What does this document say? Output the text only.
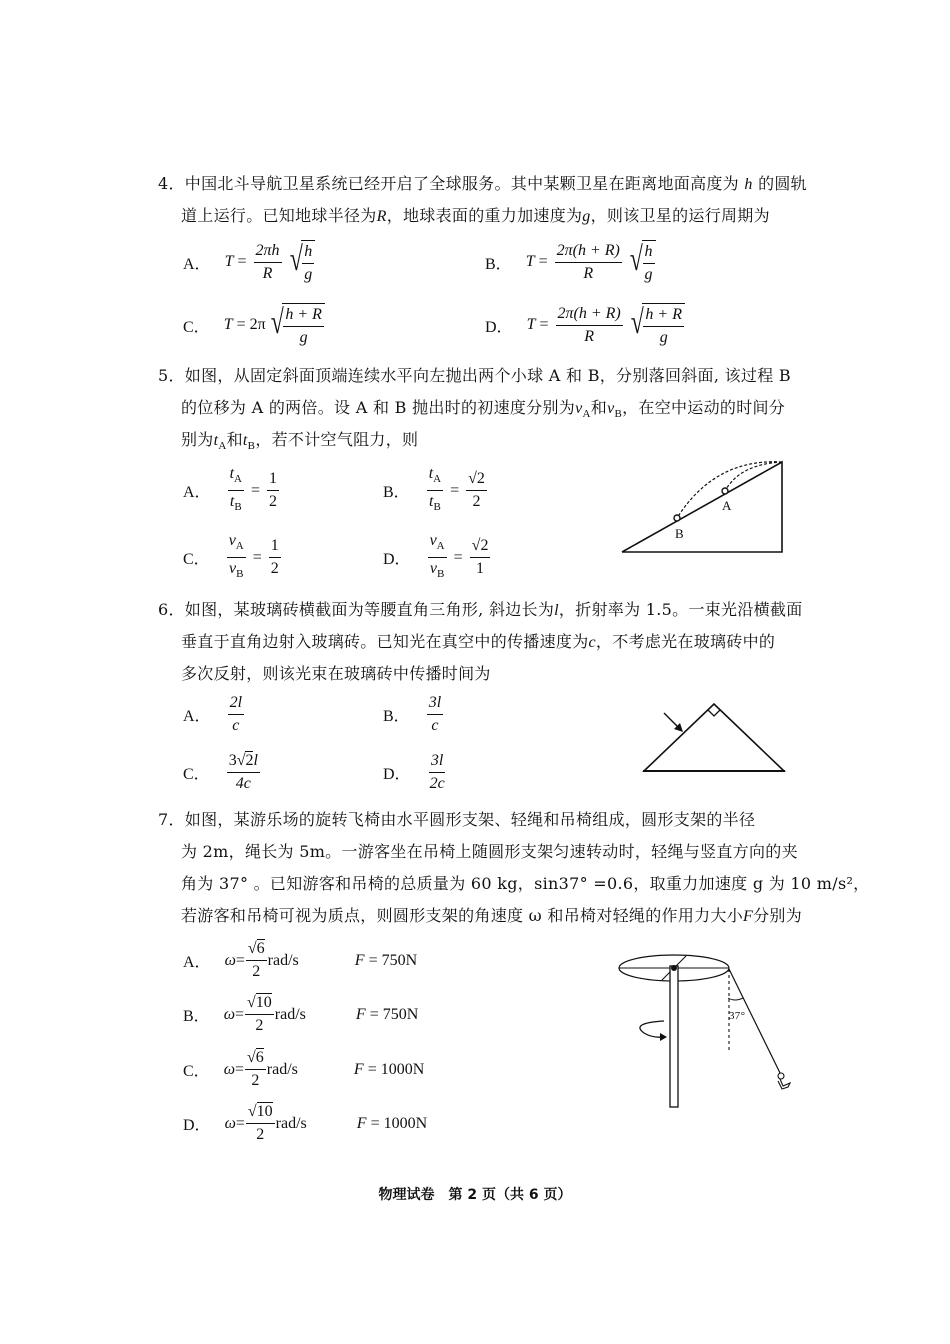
4．中国北斗导航卫星系统已经开启了全球服务。其中某颗卫星在距离地面高度为 h 的圆轨
道上运行。已知地球半径为R，地球表面的重力加速度为g，则该卫星的运行周期为
A． $T = \frac{2\pi h}{R}$ √ $\frac{h}{g}$	B． $T = \frac{2\pi(h + R)}{R}$ √ $\frac{h}{g}$
C． T = 2π √ $\frac{h + R}{g}$	D． $T = \frac{2\pi(h + R)}{R}$ √ $\frac{h + R}{g}$
5．如图，从固定斜面顶端连续水平向左抛出两个小球 A 和 B，分别落回斜面, 该过程 B
的位移为 A 的两倍。设 A 和 B 抛出时的初速度分别为$v_A$和$v_B$，在空中运动的时间分
别为$t_A$和$t_B$，若不计空气阻力，则
A． $\frac{t_A}{t_B} = \frac{1}{2}$	B． $\frac{t_A}{t_B} = \frac{√2}{2}$
C． $\frac{v_A}{v_B} = \frac{1}{2}$	D． $\frac{v_A}{v_B} = \frac{√2}{1}$
A
B
6．如图，某玻璃砖横截面为等腰直角三角形, 斜边长为l，折射率为 1.5。一束光沿横截面
垂直于直角边射入玻璃砖。已知光在真空中的传播速度为c，不考虑光在玻璃砖中的
多次反射，则该光束在玻璃砖中传播时间为
A． $\frac{2l}{c}$	B． $\frac{3l}{c}$
C． $\frac{3√2l}{4c}$	D． $\frac{3l}{2c}$
7．如图，某游乐场的旋转飞椅由水平圆形支架、轻绳和吊椅组成，圆形支架的半径
为 2m，绳长为 5m。一游客坐在吊椅上随圆形支架匀速转动时，轻绳与竖直方向的夹
角为 37° 。已知游客和吊椅的总质量为 60 kg，sin37° =0.6，取重力加速度 g 为 10 m/s²，
若游客和吊椅可视为质点，则圆形支架的角速度 ω 和吊椅对轻绳的作用力大小F分别为
A． $\omega = \frac{√6}{2} rad/s$	F = 750N
B． $\omega = \frac{√10}{2} rad/s$	F = 750N
C． $\omega = \frac{√6}{2} rad/s$	F = 1000N
D． $\omega = \frac{√10}{2} rad/s$	F = 1000N
37°
物理试卷　第 2 页（共 6 页）
